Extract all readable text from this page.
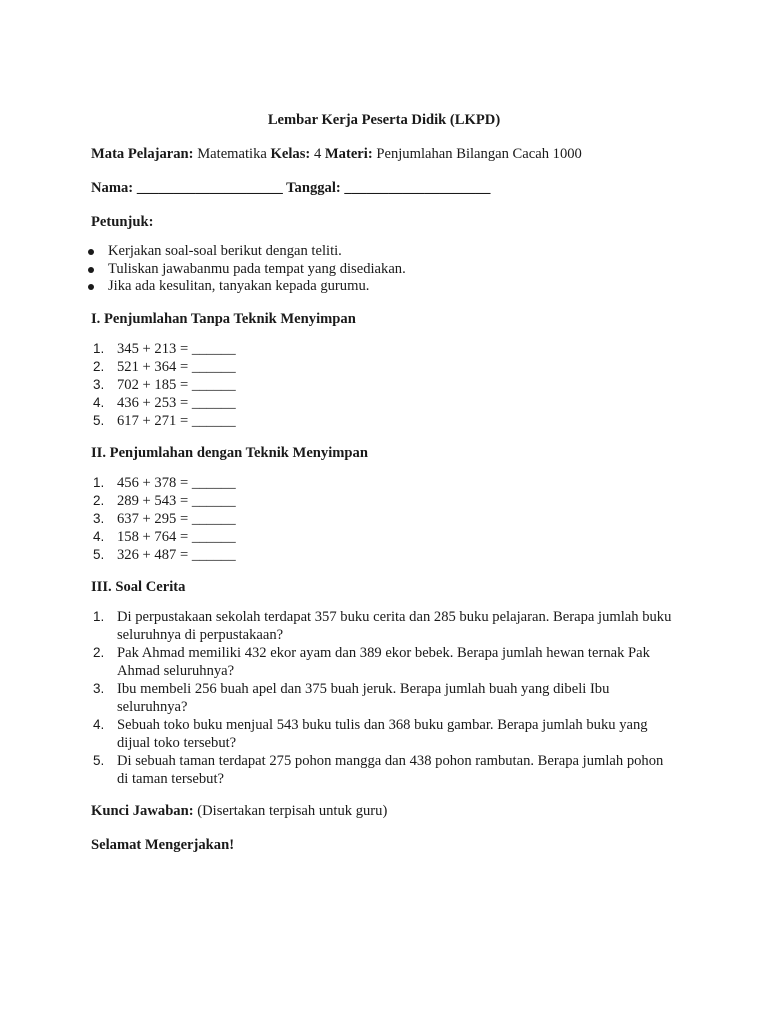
Lembar Kerja Peserta Didik (LKPD)
Mata Pelajaran: Matematika Kelas: 4 Materi: Penjumlahan Bilangan Cacah 1000
Nama: ____________________ Tanggal: ____________________
Petunjuk:
Kerjakan soal-soal berikut dengan teliti.
Tuliskan jawabanmu pada tempat yang disediakan.
Jika ada kesulitan, tanyakan kepada gurumu.
I. Penjumlahan Tanpa Teknik Menyimpan
1. 345 + 213 = ______
2. 521 + 364 = ______
3. 702 + 185 = ______
4. 436 + 253 = ______
5. 617 + 271 = ______
II. Penjumlahan dengan Teknik Menyimpan
1. 456 + 378 = ______
2. 289 + 543 = ______
3. 637 + 295 = ______
4. 158 + 764 = ______
5. 326 + 487 = ______
III. Soal Cerita
1. Di perpustakaan sekolah terdapat 357 buku cerita dan 285 buku pelajaran. Berapa jumlah buku seluruhnya di perpustakaan?
2. Pak Ahmad memiliki 432 ekor ayam dan 389 ekor bebek. Berapa jumlah hewan ternak Pak Ahmad seluruhnya?
3. Ibu membeli 256 buah apel dan 375 buah jeruk. Berapa jumlah buah yang dibeli Ibu seluruhnya?
4. Sebuah toko buku menjual 543 buku tulis dan 368 buku gambar. Berapa jumlah buku yang dijual toko tersebut?
5. Di sebuah taman terdapat 275 pohon mangga dan 438 pohon rambutan. Berapa jumlah pohon di taman tersebut?
Kunci Jawaban: (Disertakan terpisah untuk guru)
Selamat Mengerjakan!
